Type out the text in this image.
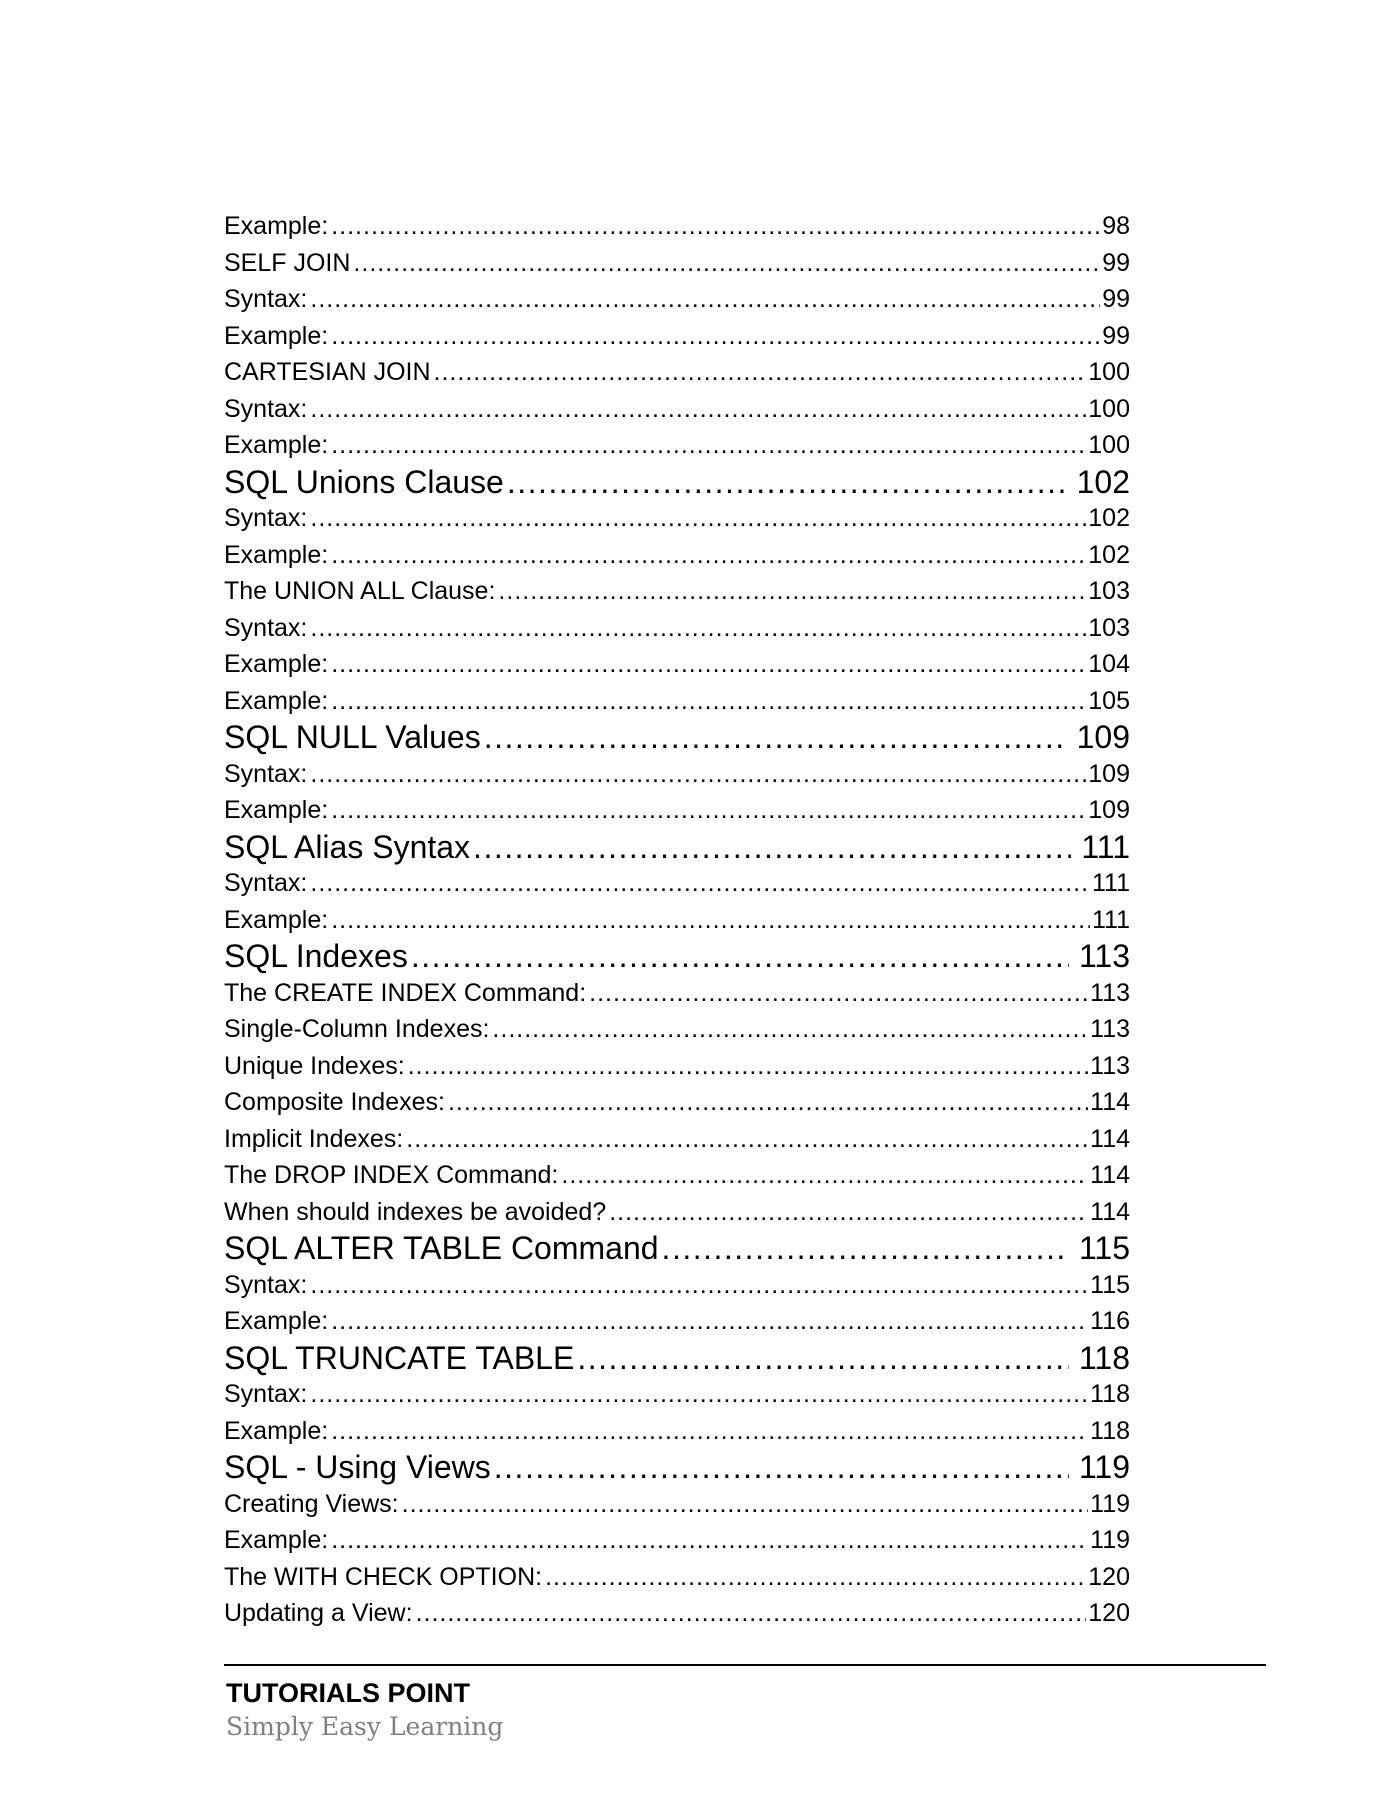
Example: .....	98
SELF JOIN .....	99
Syntax: .....	99
Example: .....	99
CARTESIAN JOIN .....	100
Syntax: .....	100
Example: .....	100
SQL Unions Clause .....	102
Syntax: .....	102
Example: .....	102
The UNION ALL Clause: .....	103
Syntax: .....	103
Example: .....	104
Example: .....	105
SQL NULL Values .....	109
Syntax: .....	109
Example: .....	109
SQL Alias Syntax .....	111
Syntax: .....	111
Example: .....	111
SQL Indexes .....	113
The CREATE INDEX Command: .....	113
Single-Column Indexes: .....	113
Unique Indexes: .....	113
Composite Indexes: .....	114
Implicit Indexes: .....	114
The DROP INDEX Command: .....	114
When should indexes be avoided? .....	114
SQL ALTER TABLE Command .....	115
Syntax: .....	115
Example: .....	116
SQL TRUNCATE TABLE .....	118
Syntax: .....	118
Example: .....	118
SQL - Using Views .....	119
Creating Views: .....	119
Example: .....	119
The WITH CHECK OPTION: .....	120
Updating a View: .....	120
TUTORIALS POINT
Simply Easy Learning
